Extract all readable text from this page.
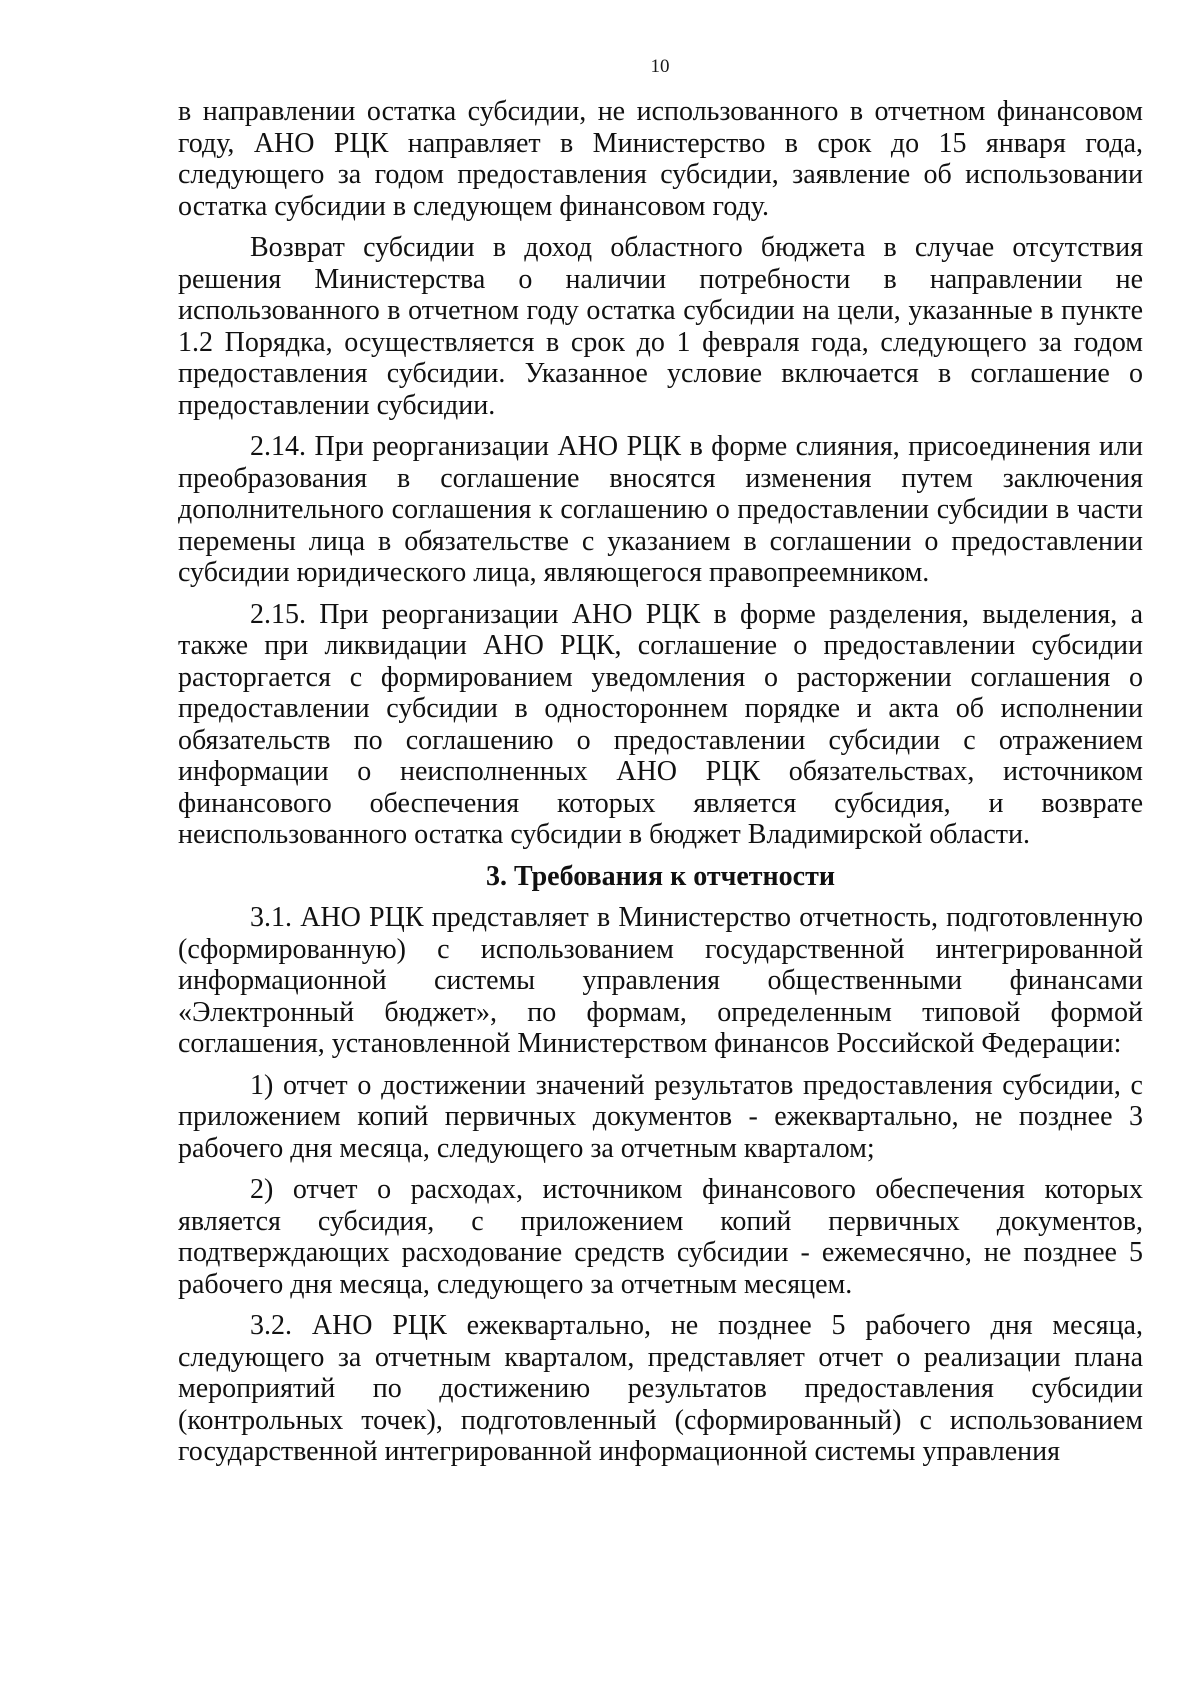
10

в направлении остатка субсидии, не использованного в отчетном финансовом году, АНО РЦК направляет в Министерство в срок до 15 января года, следующего за годом предоставления субсидии, заявление об использовании остатка субсидии в следующем финансовом году.

Возврат субсидии в доход областного бюджета в случае отсутствия решения Министерства о наличии потребности в направлении не использованного в отчетном году остатка субсидии на цели, указанные в пункте 1.2 Порядка, осуществляется в срок до 1 февраля года, следующего за годом предоставления субсидии. Указанное условие включается в соглашение о предоставлении субсидии.

2.14. При реорганизации АНО РЦК в форме слияния, присоединения или преобразования в соглашение вносятся изменения путем заключения дополнительного соглашения к соглашению о предоставлении субсидии в части перемены лица в обязательстве с указанием в соглашении о предоставлении субсидии юридического лица, являющегося правопреемником.

2.15. При реорганизации АНО РЦК в форме разделения, выделения, а также при ликвидации АНО РЦК, соглашение о предоставлении субсидии расторгается с формированием уведомления о расторжении соглашения о предоставлении субсидии в одностороннем порядке и акта об исполнении обязательств по соглашению о предоставлении субсидии с отражением информации о неисполненных АНО РЦК обязательствах, источником финансового обеспечения которых является субсидия, и возврате неиспользованного остатка субсидии в бюджет Владимирской области.

3. Требования к отчетности

3.1. АНО РЦК представляет в Министерство отчетность, подготовленную (сформированную) с использованием государственной интегрированной информационной системы управления общественными финансами «Электронный бюджет», по формам, определенным типовой формой соглашения, установленной Министерством финансов Российской Федерации:

1) отчет о достижении значений результатов предоставления субсидии, с приложением копий первичных документов - ежеквартально, не позднее 3 рабочего дня месяца, следующего за отчетным кварталом;

2) отчет о расходах, источником финансового обеспечения которых является субсидия, с приложением копий первичных документов, подтверждающих расходование средств субсидии - ежемесячно, не позднее 5 рабочего дня месяца, следующего за отчетным месяцем.

3.2. АНО РЦК ежеквартально, не позднее 5 рабочего дня месяца, следующего за отчетным кварталом, представляет отчет о реализации плана мероприятий по достижению результатов предоставления субсидии (контрольных точек), подготовленный (сформированный) с использованием государственной интегрированной информационной системы управления
